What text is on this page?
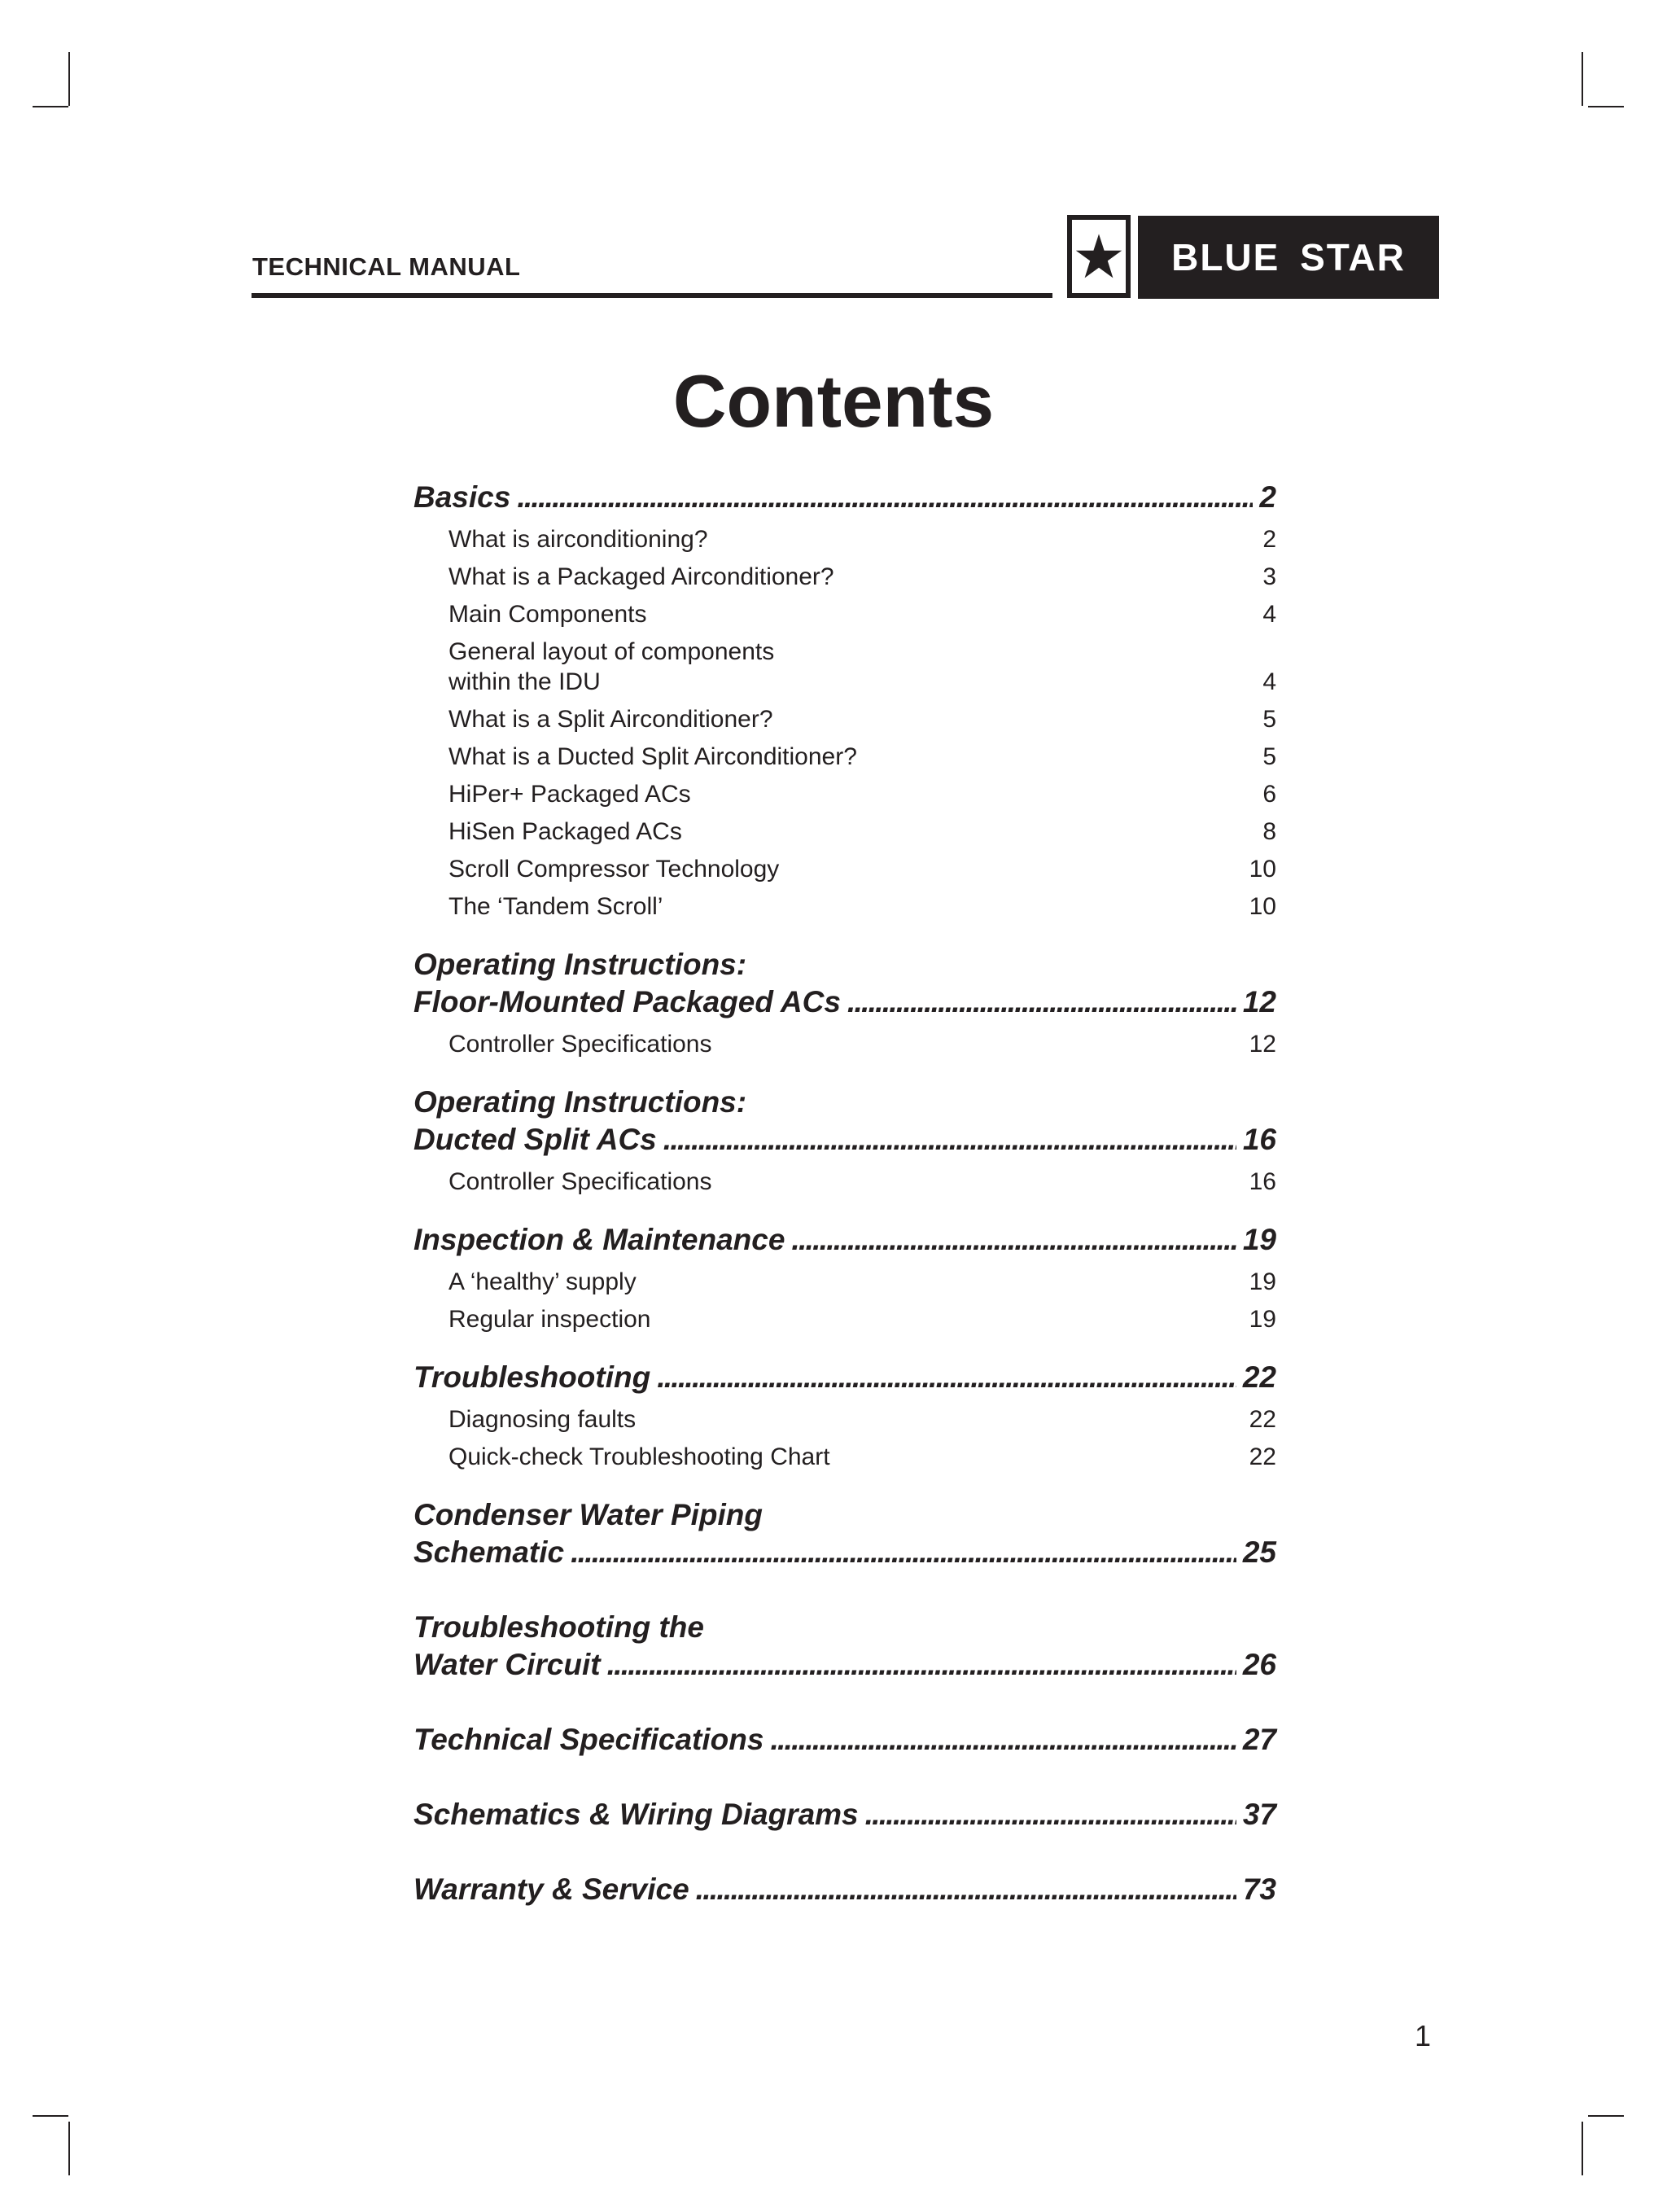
TECHNICAL MANUAL	BLUE STAR
Contents
Basics . . .	2
What is airconditioning?	2
What is a Packaged Airconditioner?	3
Main Components	4
General layout of components
within the IDU	4
What is a Split Airconditioner?	5
What is a Ducted Split Airconditioner?	5
HiPer+ Packaged ACs	6
HiSen Packaged ACs	8
Scroll Compressor Technology	10
The ‘Tandem Scroll’	10
Operating Instructions:
Floor-Mounted Packaged ACs . . .	12
Controller Specifications	12
Operating Instructions:
Ducted Split ACs . . .	16
Controller Specifications	16
Inspection & Maintenance . . .	19
A ‘healthy’ supply	19
Regular inspection	19
Troubleshooting . . .	22
Diagnosing faults	22
Quick-check Troubleshooting Chart	22
Condenser Water Piping
Schematic . . .	25
Troubleshooting the
Water Circuit . . .	26
Technical Specifications . . .	27
Schematics & Wiring Diagrams . . .	37
Warranty & Service . . .	73
1
